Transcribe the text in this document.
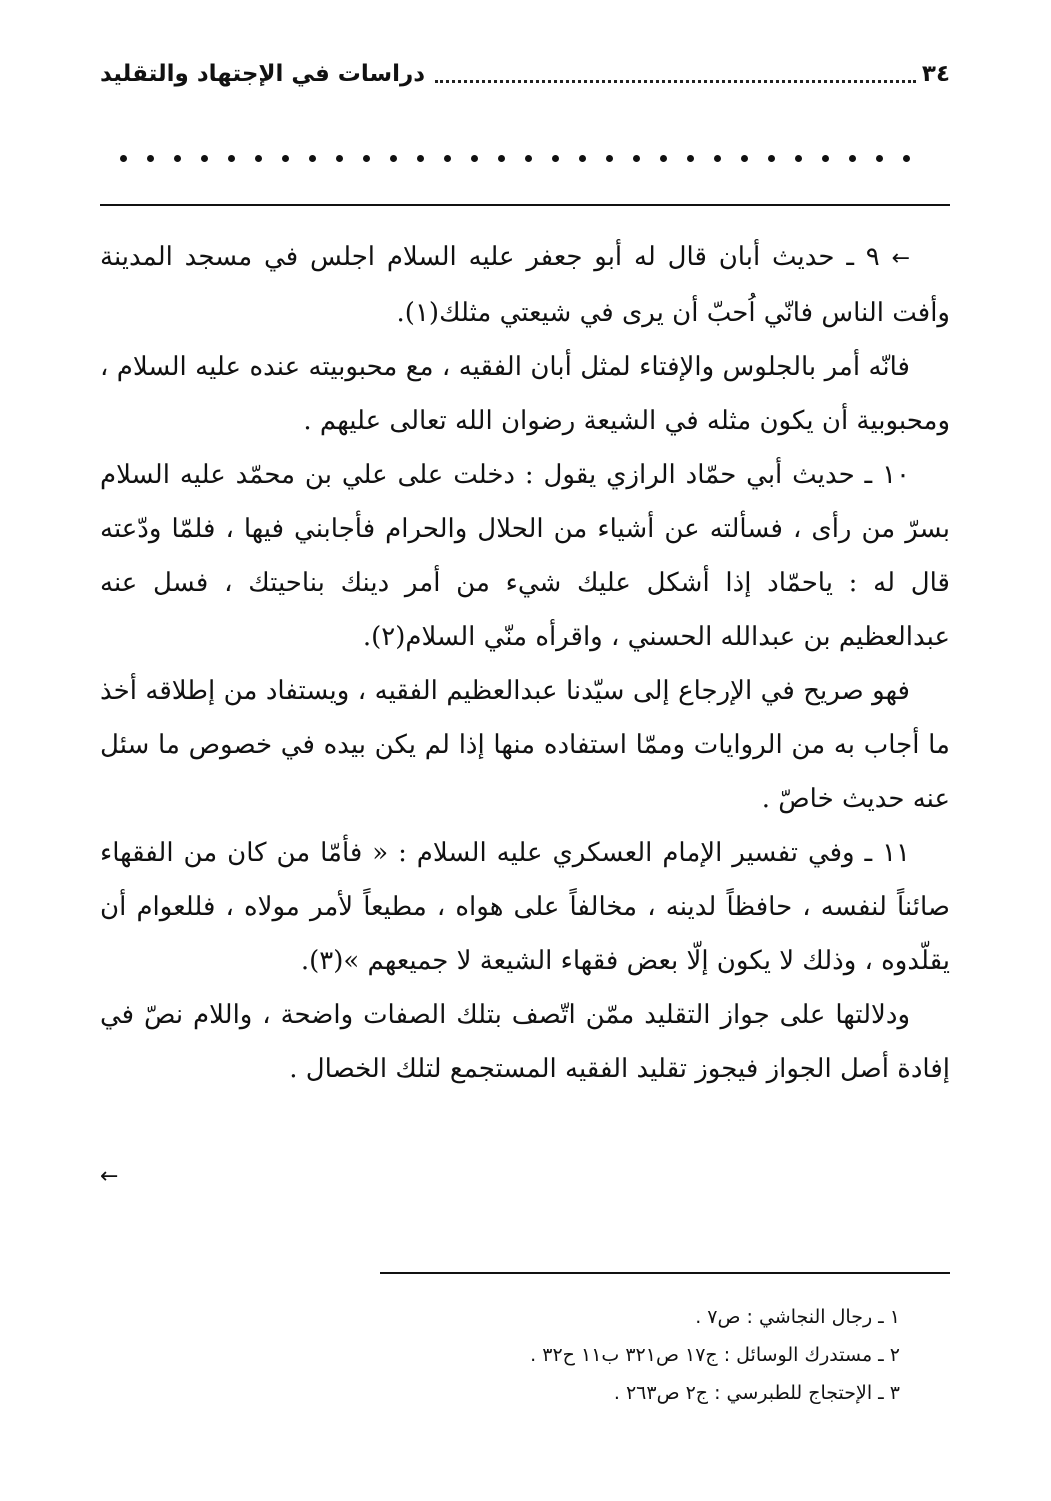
٣٤
دراسات في الإجتهاد والتقليد

← ٩ ـ حديث أبان قال له أبو جعفر عليه السلام اجلس في مسجد المدينة وأفت الناس فانّي اُحبّ أن يرى في شيعتي مثلك(١).

فانّه أمر بالجلوس والإفتاء لمثل أبان الفقيه ، مع محبوبيته عنده عليه السلام ، ومحبوبية أن يكون مثله في الشيعة رضوان الله تعالى عليهم .

١٠ ـ حديث أبي حمّاد الرازي يقول : دخلت على علي بن محمّد عليه السلام بسرّ من رأى ، فسألته عن أشياء من الحلال والحرام فأجابني فيها ، فلمّا ودّعته قال له : ياحمّاد إذا أشكل عليك شيء من أمر دينك بناحيتك ، فسل عنه عبدالعظيم بن عبدالله الحسني ، واقرأه منّي السلام(٢).

فهو صريح في الإرجاع إلى سيّدنا عبدالعظيم الفقيه ، ويستفاد من إطلاقه أخذ ما أجاب به من الروايات وممّا استفاده منها إذا لم يكن بيده في خصوص ما سئل عنه حديث خاصّ .

١١ ـ وفي تفسير الإمام العسكري عليه السلام : « فأمّا من كان من الفقهاء صائناً لنفسه ، حافظاً لدينه ، مخالفاً على هواه ، مطيعاً لأمر مولاه ، فللعوام أن يقلّدوه ، وذلك لا يكون إلّا بعض فقهاء الشيعة لا جميعهم »(٣).

ودلالتها على جواز التقليد ممّن اتّصف بتلك الصفات واضحة ، واللام نصّ في إفادة أصل الجواز فيجوز تقليد الفقيه المستجمع لتلك الخصال .

←
١ ـ رجال النجاشي : ص٧ .
٢ ـ مستدرك الوسائل : ج١٧ ص٣٢١ ب١١ ح٣٢ .
٣ ـ الإحتجاج للطبرسي : ج٢ ص٢٦٣ .
